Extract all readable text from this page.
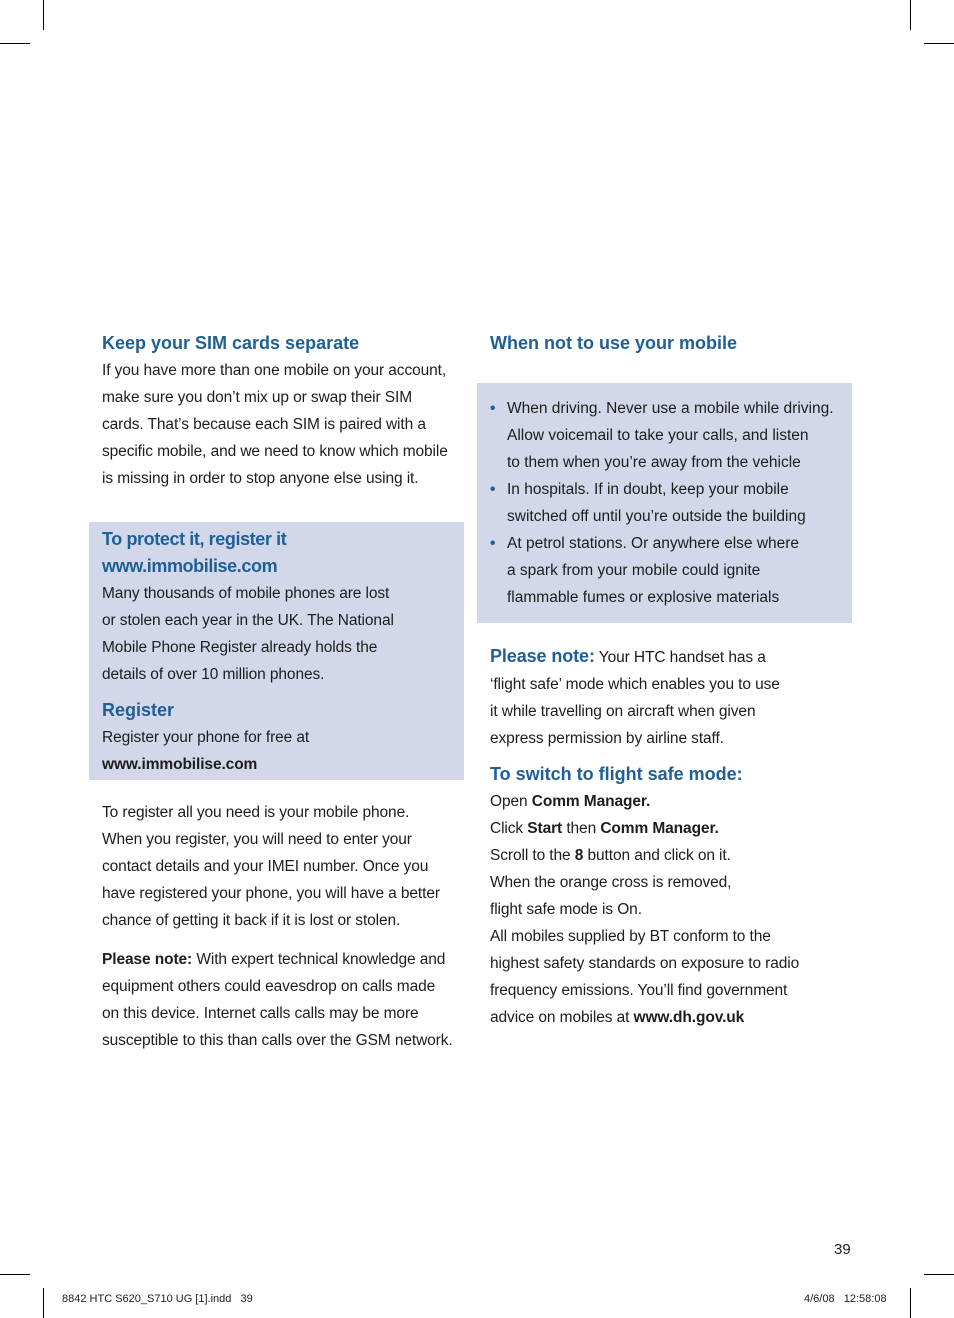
Keep your SIM cards separate

If you have more than one mobile on your account,
make sure you don’t mix up or swap their SIM
cards. That’s because each SIM is paired with a
specific mobile, and we need to know which mobile
is missing in order to stop anyone else using it.

To protect it, register it www.immobilise.com

Many thousands of mobile phones are lost
or stolen each year in the UK. The National
Mobile Phone Register already holds the
details of over 10 million phones.

Register

Register your phone for free at
www.immobilise.com

To register all you need is your mobile phone.
When you register, you will need to enter your
contact details and your IMEI number. Once you
have registered your phone, you will have a better
chance of getting it back if it is lost or stolen.

Please note: With expert technical knowledge and
equipment others could eavesdrop on calls made
on this device. Internet calls calls may be more
susceptible to this than calls over the GSM network.

When not to use your mobile
• When driving. Never use a mobile while driving.
Allow voicemail to take your calls, and listen
to them when you’re away from the vehicle
• In hospitals. If in doubt, keep your mobile
switched off until you’re outside the building
• At petrol stations. Or anywhere else where
a spark from your mobile could ignite
flammable fumes or explosive materials

Please note: Your HTC handset has a
‘flight safe’ mode which enables you to use
it while travelling on aircraft when given
express permission by airline staff.

To switch to flight safe mode:

Open Comm Manager.
Click Start then Comm Manager.
Scroll to the 8 button and click on it.
When the orange cross is removed,
flight safe mode is On.
All mobiles supplied by BT conform to the
highest safety standards on exposure to radio
frequency emissions. You’ll find government
advice on mobiles at www.dh.gov.uk

39
8842 HTC S620_S710 UG [1].indd   39	4/6/08   12:58:08
